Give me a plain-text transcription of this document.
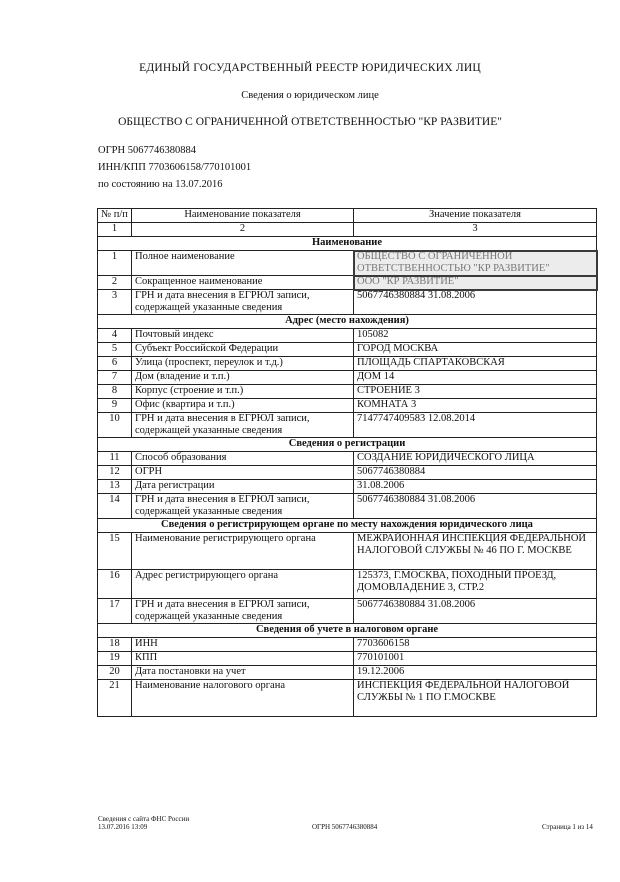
ЕДИНЫЙ ГОСУДАРСТВЕННЫЙ РЕЕСТР ЮРИДИЧЕСКИХ ЛИЦ
Сведения о юридическом лице
ОБЩЕСТВО С ОГРАНИЧЕННОЙ ОТВЕТСТВЕННОСТЬЮ "КР РАЗВИТИЕ"
ОГРН 5067746380884
ИНН/КПП 7703606158/770101001
по состоянию на 13.07.2016
№ п/п	Наименование показателя	Значение показателя
1	2	3
Наименование		
1	Полное наименование	ОБЩЕСТВО С ОГРАНИЧЕННОЙ ОТВЕТСТВЕННОСТЬЮ "КР РАЗВИТИЕ"
2	Сокращенное наименование	ООО "КР РАЗВИТИЕ"
3	ГРН и дата внесения в ЕГРЮЛ записи, содержащей указанные сведения	5067746380884 31.08.2006
Адрес (место нахождения)		
4	Почтовый индекс	105082
5	Субъект Российской Федерации	ГОРОД МОСКВА
6	Улица (проспект, переулок и т.д.)	ПЛОЩАДЬ СПАРТАКОВСКАЯ
7	Дом (владение и т.п.)	ДОМ 14
8	Корпус (строение и т.п.)	СТРОЕНИЕ 3
9	Офис (квартира и т.п.)	КОМНАТА 3
10	ГРН и дата внесения в ЕГРЮЛ записи, содержащей указанные сведения	7147747409583 12.08.2014
Сведения о регистрации		
11	Способ образования	СОЗДАНИЕ ЮРИДИЧЕСКОГО ЛИЦА
12	ОГРН	5067746380884
13	Дата регистрации	31.08.2006
14	ГРН и дата внесения в ЕГРЮЛ записи, содержащей указанные сведения	5067746380884 31.08.2006
Сведения о регистрирующем органе по месту нахождения юридического лица		
15	Наименование регистрирующего органа	МЕЖРАЙОННАЯ ИНСПЕКЦИЯ ФЕДЕРАЛЬНОЙ НАЛОГОВОЙ СЛУЖБЫ № 46 ПО Г. МОСКВЕ
16	Адрес регистрирующего органа	125373, Г.МОСКВА, ПОХОДНЫЙ ПРОЕЗД, ДОМОВЛАДЕНИЕ 3, СТР.2
17	ГРН и дата внесения в ЕГРЮЛ записи, содержащей указанные сведения	5067746380884 31.08.2006
Сведения об учете в налоговом органе		
18	ИНН	7703606158
19	КПП	770101001
20	Дата постановки на учет	19.12.2006
21	Наименование налогового органа	ИНСПЕКЦИЯ ФЕДЕРАЛЬНОЙ НАЛОГОВОЙ СЛУЖБЫ № 1 ПО Г.МОСКВЕ
Сведения с сайта ФНС России
13.07.2016 13:09	ОГРН 5067746380884	Страница 1 из 14
